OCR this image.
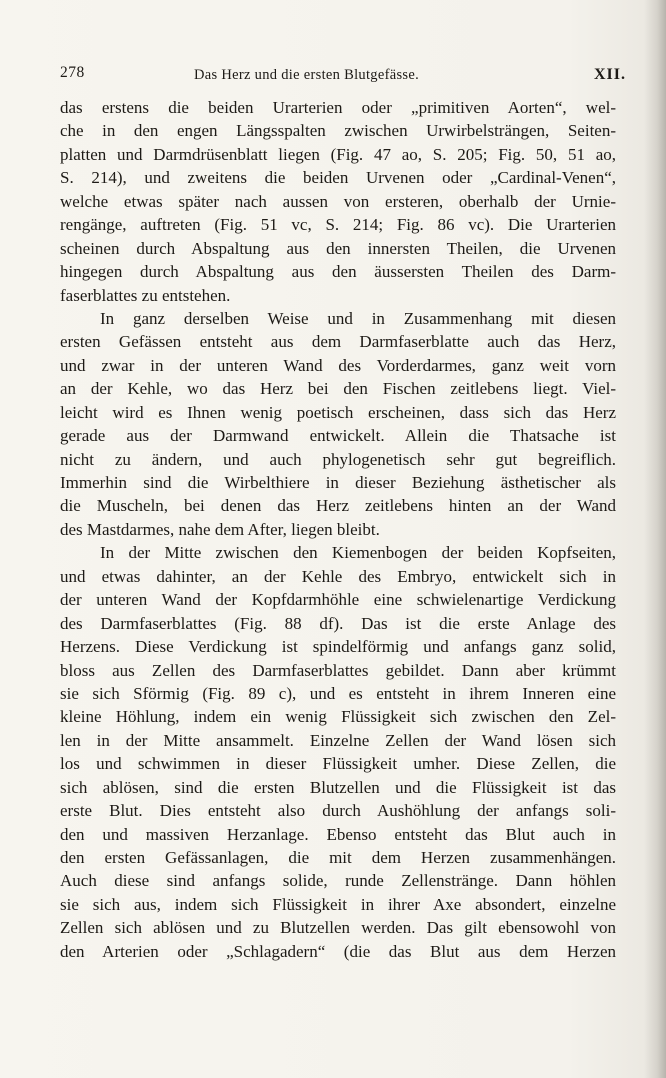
278	Das Herz und die ersten Blutgefässe.	XII.
das erstens die beiden Urarterien oder „primitiven Aorten“, wel-
che in den engen Längsspalten zwischen Urwirbelsträngen, Seiten-
platten und Darmdrüsenblatt liegen (Fig. 47 ao, S. 205; Fig. 50, 51 ao,
S. 214), und zweitens die beiden Urvenen oder „Cardinal-Venen“,
welche etwas später nach aussen von ersteren, oberhalb der Urnie-
rengänge, auftreten (Fig. 51 vc, S. 214; Fig. 86 vc). Die Urarterien
scheinen durch Abspaltung aus den innersten Theilen, die Urvenen
hingegen durch Abspaltung aus den äussersten Theilen des Darm-
faserblattes zu entstehen.
In ganz derselben Weise und in Zusammenhang mit diesen
ersten Gefässen entsteht aus dem Darmfaserblatte auch das Herz,
und zwar in der unteren Wand des Vorderdarmes, ganz weit vorn
an der Kehle, wo das Herz bei den Fischen zeitlebens liegt. Viel-
leicht wird es Ihnen wenig poetisch erscheinen, dass sich das Herz
gerade aus der Darmwand entwickelt. Allein die Thatsache ist
nicht zu ändern, und auch phylogenetisch sehr gut begreiflich.
Immerhin sind die Wirbelthiere in dieser Beziehung ästhetischer als
die Muscheln, bei denen das Herz zeitlebens hinten an der Wand
des Mastdarmes, nahe dem After, liegen bleibt.
In der Mitte zwischen den Kiemenbogen der beiden Kopfseiten,
und etwas dahinter, an der Kehle des Embryo, entwickelt sich in
der unteren Wand der Kopfdarmhöhle eine schwielenartige Verdickung
des Darmfaserblattes (Fig. 88 df). Das ist die erste Anlage des
Herzens. Diese Verdickung ist spindelförmig und anfangs ganz solid,
bloss aus Zellen des Darmfaserblattes gebildet. Dann aber krümmt
sie sich Sförmig (Fig. 89 c), und es entsteht in ihrem Inneren eine
kleine Höhlung, indem ein wenig Flüssigkeit sich zwischen den Zel-
len in der Mitte ansammelt. Einzelne Zellen der Wand lösen sich
los und schwimmen in dieser Flüssigkeit umher. Diese Zellen, die
sich ablösen, sind die ersten Blutzellen und die Flüssigkeit ist das
erste Blut. Dies entsteht also durch Aushöhlung der anfangs soli-
den und massiven Herzanlage. Ebenso entsteht das Blut auch in
den ersten Gefässanlagen, die mit dem Herzen zusammenhängen.
Auch diese sind anfangs solide, runde Zellenstränge. Dann höhlen
sie sich aus, indem sich Flüssigkeit in ihrer Axe absondert, einzelne
Zellen sich ablösen und zu Blutzellen werden. Das gilt ebensowohl von
den Arterien oder „Schlagadern“ (die das Blut aus dem Herzen
